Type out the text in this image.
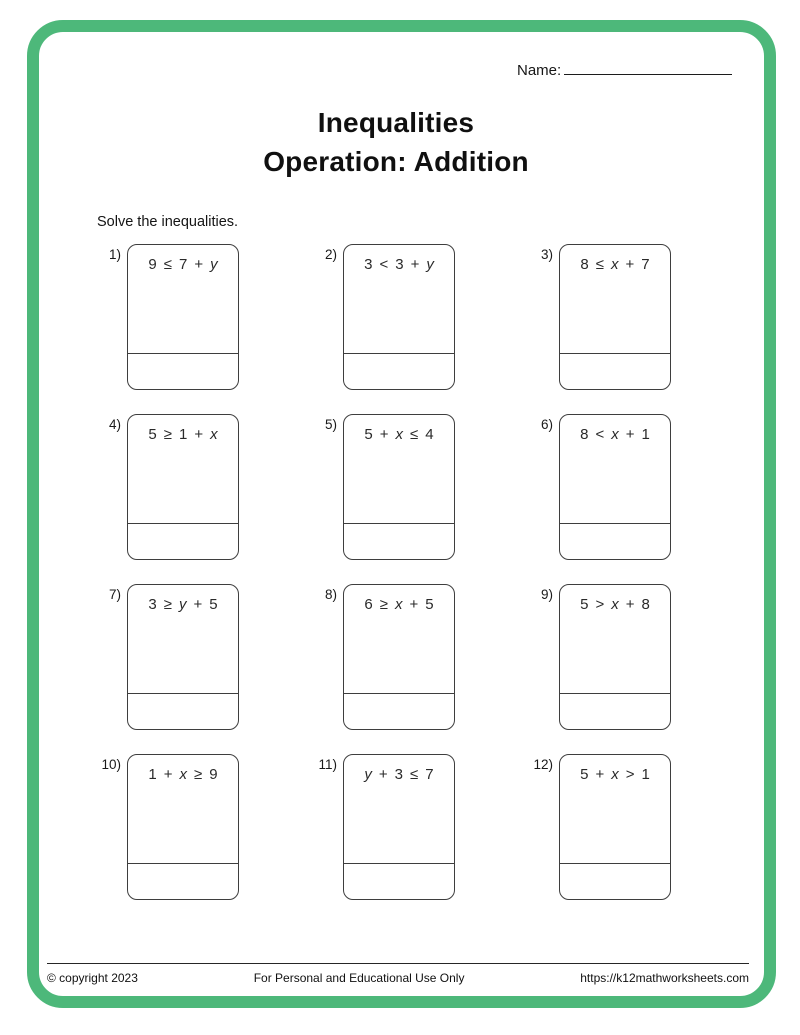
Name:
Inequalities
Operation: Addition
Solve the inequalities.
1)
9 ≤ 7 + y
2)
3 < 3 + y
3)
8 ≤ x + 7
4)
5 ≥ 1 + x
5)
5 + x ≤ 4
6)
8 < x + 1
7)
3 ≥ y + 5
8)
6 ≥ x + 5
9)
5 > x + 8
10)
1 + x ≥ 9
11)
y + 3 ≤ 7
12)
5 + x > 1
© copyright 2023	For Personal and Educational Use Only	https://k12mathworksheets.com
